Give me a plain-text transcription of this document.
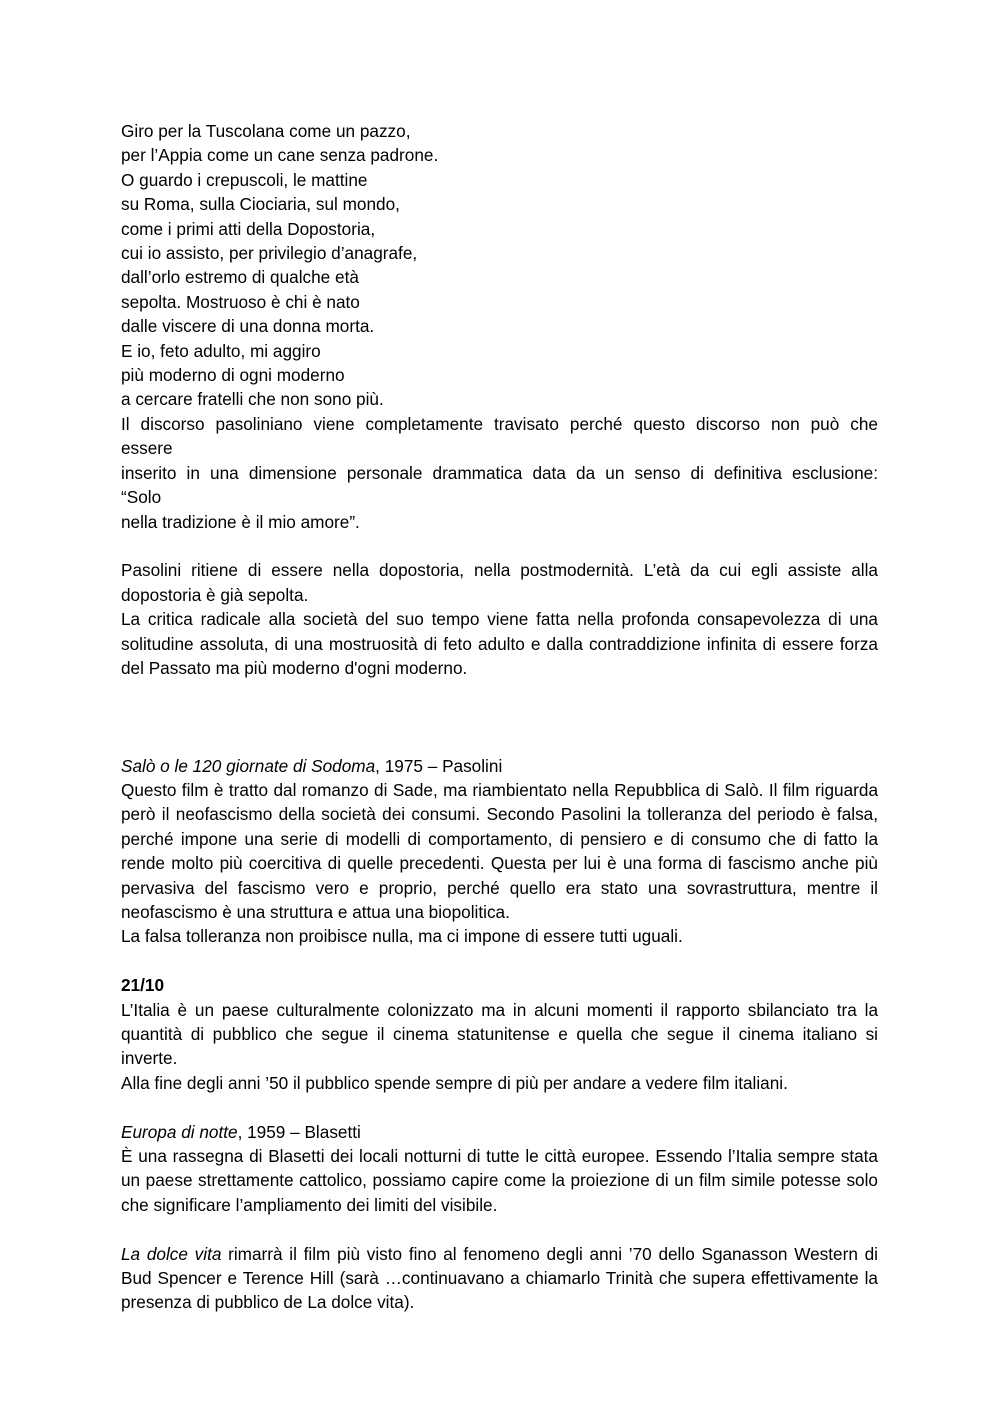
Giro per la Tuscolana come un pazzo,
per l’Appia come un cane senza padrone.
O guardo i crepuscoli, le mattine
su Roma, sulla Ciociaria, sul mondo,
come i primi atti della Dopostoria,
cui io assisto, per privilegio d’anagrafe,
dall’orlo estremo di qualche età
sepolta. Mostruoso è chi è nato
dalle viscere di una donna morta.
E io, feto adulto, mi aggiro
più moderno di ogni moderno
a cercare fratelli che non sono più.
Il discorso pasoliniano viene completamente travisato perché questo discorso non può che
essere
inserito in una dimensione personale drammatica data da un senso di definitiva esclusione:
“Solo
nella tradizione è il mio amore”.
Pasolini ritiene di essere nella dopostoria, nella postmodernità. L’età da cui egli assiste alla dopostoria è già sepolta.
La critica radicale alla società del suo tempo viene fatta nella profonda consapevolezza di una solitudine assoluta, di una mostruosità di feto adulto e dalla contraddizione infinita di essere forza del Passato ma più moderno d'ogni moderno.
Salò o le 120 giornate di Sodoma, 1975 – Pasolini
Questo film è tratto dal romanzo di Sade, ma riambientato nella Repubblica di Salò. Il film riguarda però il neofascismo della società dei consumi. Secondo Pasolini la tolleranza del periodo è falsa, perché impone una serie di modelli di comportamento, di pensiero e di consumo che di fatto la rende molto più coercitiva di quelle precedenti. Questa per lui è una forma di fascismo anche più pervasiva del fascismo vero e proprio, perché quello era stato una sovrastruttura, mentre il neofascismo è una struttura e attua una biopolitica.
La falsa tolleranza non proibisce nulla, ma ci impone di essere tutti uguali.
21/10
L’Italia è un paese culturalmente colonizzato ma in alcuni momenti il rapporto sbilanciato tra la quantità di pubblico che segue il cinema statunitense e quella che segue il cinema italiano si inverte.
Alla fine degli anni ’50 il pubblico spende sempre di più per andare a vedere film italiani.
Europa di notte, 1959 – Blasetti
È una rassegna di Blasetti dei locali notturni di tutte le città europee. Essendo l’Italia sempre stata un paese strettamente cattolico, possiamo capire come la proiezione di un film simile potesse solo che significare l’ampliamento dei limiti del visibile.
La dolce vita rimarrà il film più visto fino al fenomeno degli anni ’70 dello Sganasson Western di Bud Spencer e Terence Hill (sarà …continuavano a chiamarlo Trinità che supera effettivamente la presenza di pubblico de La dolce vita).
